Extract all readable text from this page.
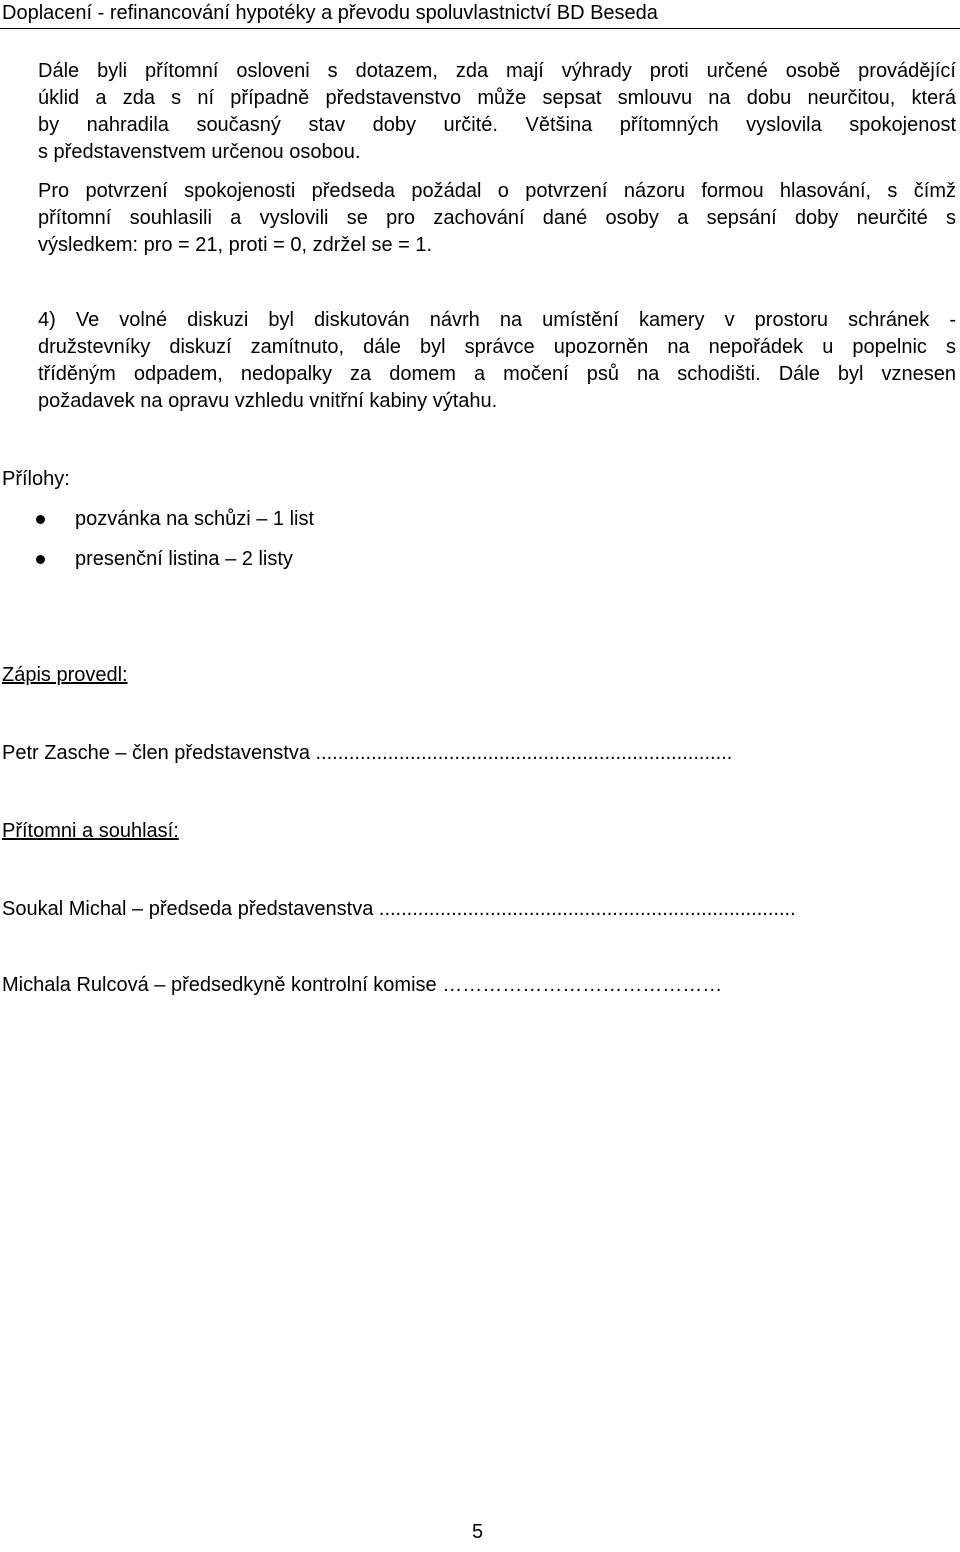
Doplacení - refinancování hypotéky a převodu spoluvlastnictví BD Beseda
Dále byli přítomní osloveni s dotazem, zda mají výhrady proti určené osobě provádějící
úklid a zda s ní případně představenstvo může sepsat smlouvu na dobu neurčitou, která
by nahradila současný stav doby určité. Většina přítomných vyslovila spokojenost
s představenstvem určenou osobou.
Pro potvrzení spokojenosti předseda požádal o potvrzení názoru formou hlasování, s čímž
přítomní souhlasili a vyslovili se pro zachování dané osoby a sepsání doby neurčité s
výsledkem: pro = 21, proti = 0, zdržel se = 1.
4) Ve volné diskuzi byl diskutován návrh na umístění kamery v prostoru schránek -
družstevníky diskuzí zamítnuto, dále byl správce upozorněn na nepořádek u popelnic s
tříděným odpadem, nedopalky za domem a močení psů na schodišti. Dále byl vznesen
požadavek na opravu vzhledu vnitřní kabiny výtahu.

Přílohy:

pozvánka na schůzi – 1 list
presenční listina – 2 listy

Zápis provedl:

Petr Zasche – člen představenstva ...........................................................................

Přítomni a souhlasí:

Soukal Michal – předseda představenstva ...........................................................................

Michala Rulcová – předsedkyně kontrolní komise ……………………………………

5
